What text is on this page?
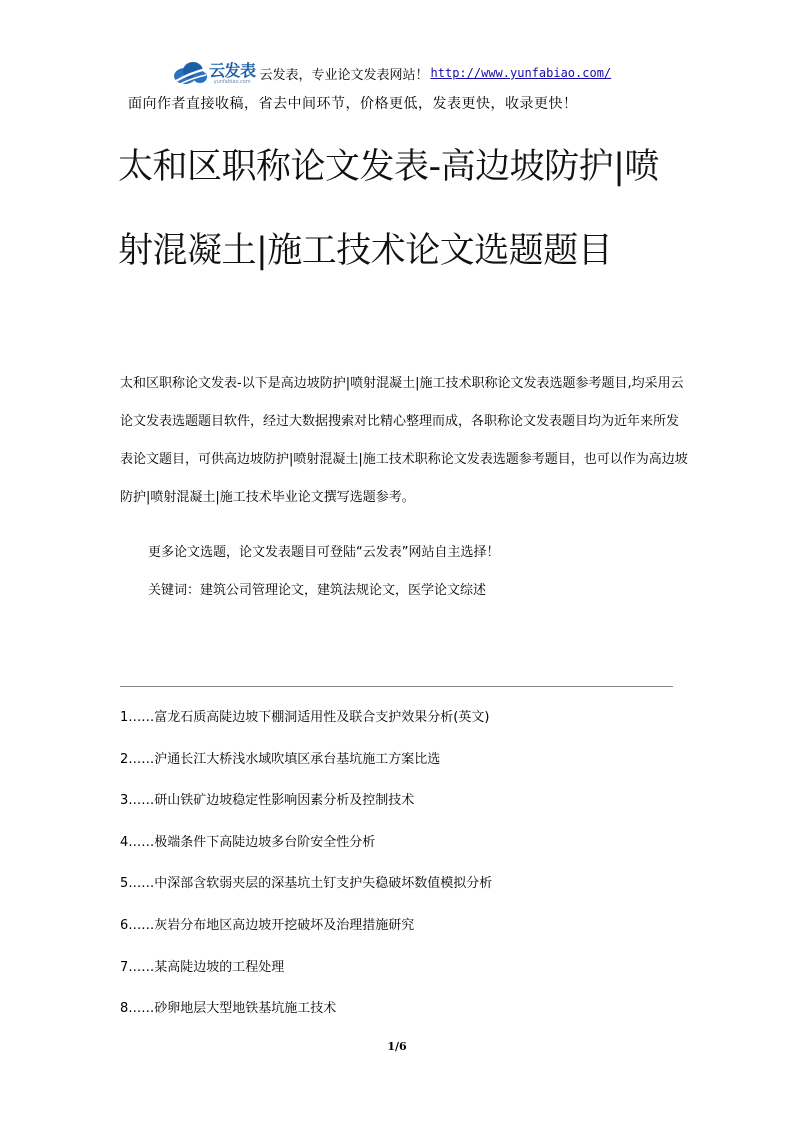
云发表
yunfabiao.com 云发表，专业论文发表网站！ http://www.yunfabiao.com/
面向作者直接收稿，省去中间环节，价格更低，发表更快，收录更快！
太和区职称论文发表-高边坡防护|喷射混凝土|施工技术论文选题题目

太和区职称论文发表-以下是高边坡防护|喷射混凝土|施工技术职称论文发表选题参考题目,均采用云论文发表选题题目软件，经过大数据搜索对比精心整理而成，各职称论文发表题目均为近年来所发表论文题目，可供高边坡防护|喷射混凝土|施工技术职称论文发表选题参考题目，也可以作为高边坡防护|喷射混凝土|施工技术毕业论文撰写选题参考。

更多论文选题，论文发表题目可登陆“云发表”网站自主选择！
关键词：建筑公司管理论文，建筑法规论文，医学论文综述
1……富龙石质高陡边坡下棚洞适用性及联合支护效果分析(英文)
2……沪通长江大桥浅水域吹填区承台基坑施工方案比选
3……研山铁矿边坡稳定性影响因素分析及控制技术
4……极端条件下高陡边坡多台阶安全性分析
5……中深部含软弱夹层的深基坑土钉支护失稳破坏数值模拟分析
6……灰岩分布地区高边坡开挖破坏及治理措施研究
7……某高陡边坡的工程处理
8……砂卵地层大型地铁基坑施工技术
1/6
